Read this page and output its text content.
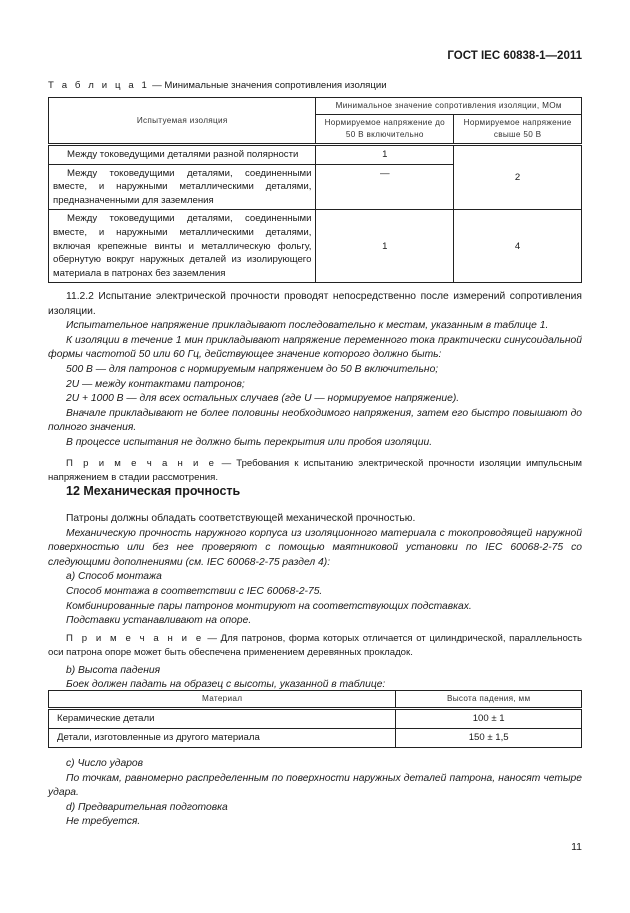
ГОСТ IEC 60838-1—2011
Т а б л и ц а 1 — Минимальные значения сопротивления изоляции
Испытуемая изоляция	Минимальное значение сопротивления изоляции, МОм	
	Нормируемое напряжение до 50 В включительно	Нормируемое напряжение свыше 50 В
Между токоведущими деталями разной полярности	1	2
Между токоведущими деталями, соединенными вместе, и наружными металлическими деталями, предназначенными для заземления	—	
Между токоведущими деталями, соединенными вместе, и наружными металлическими деталями, включая крепежные винты и металлическую фольгу, обернутую вокруг наружных деталей из изолирующего материала в патронах без заземления	1	4

11.2.2 Испытание электрической прочности проводят непосредственно после измерений сопротивления изоляции.

Испытательное напряжение прикладывают последовательно к местам, указанным в таблице 1.

К изоляции в течение 1 мин прикладывают напряжение переменного тока практически синусоидальной формы частотой 50 или 60 Гц, действующее значение которого должно быть:

500 В — для патронов с нормируемым напряжением до 50 В включительно;

2U — между контактами патронов;

2U + 1000 В — для всех остальных случаев (где U — нормируемое напряжение).

Вначале прикладывают не более половины необходимого напряжения, затем его быстро повышают до полного значения.

В процессе испытания не должно быть перекрытия или пробоя изоляции.

П р и м е ч а н и е — Требования к испытанию электрической прочности изоляции импульсным напряжением в стадии рассмотрения.

12 Механическая прочность

Патроны должны обладать соответствующей механической прочностью.

Механическую прочность наружного корпуса из изоляционного материала с токопроводящей наружной поверхностью или без нее проверяют с помощью маятниковой установки по IEC 60068-2-75 со следующими дополнениями (см. IEC 60068-2-75 раздел 4):

a) Способ монтажа

Способ монтажа в соответствии с IEC 60068-2-75.

Комбинированные пары патронов монтируют на соответствующих подставках.

Подставки устанавливают на опоре.

П р и м е ч а н и е — Для патронов, форма которых отличается от цилиндрической, параллельность оси патрона опоре может быть обеспечена применением деревянных прокладок.

b) Высота падения

Боек должен падать на образец с высоты, указанной в таблице:

Материал	Высота падения, мм
Керамические детали	100 ± 1
Детали, изготовленные из другого материала	150 ± 1,5

c) Число ударов

По точкам, равномерно распределенным по поверхности наружных деталей патрона, наносят четыре удара.

d) Предварительная подготовка

Не требуется.

11
